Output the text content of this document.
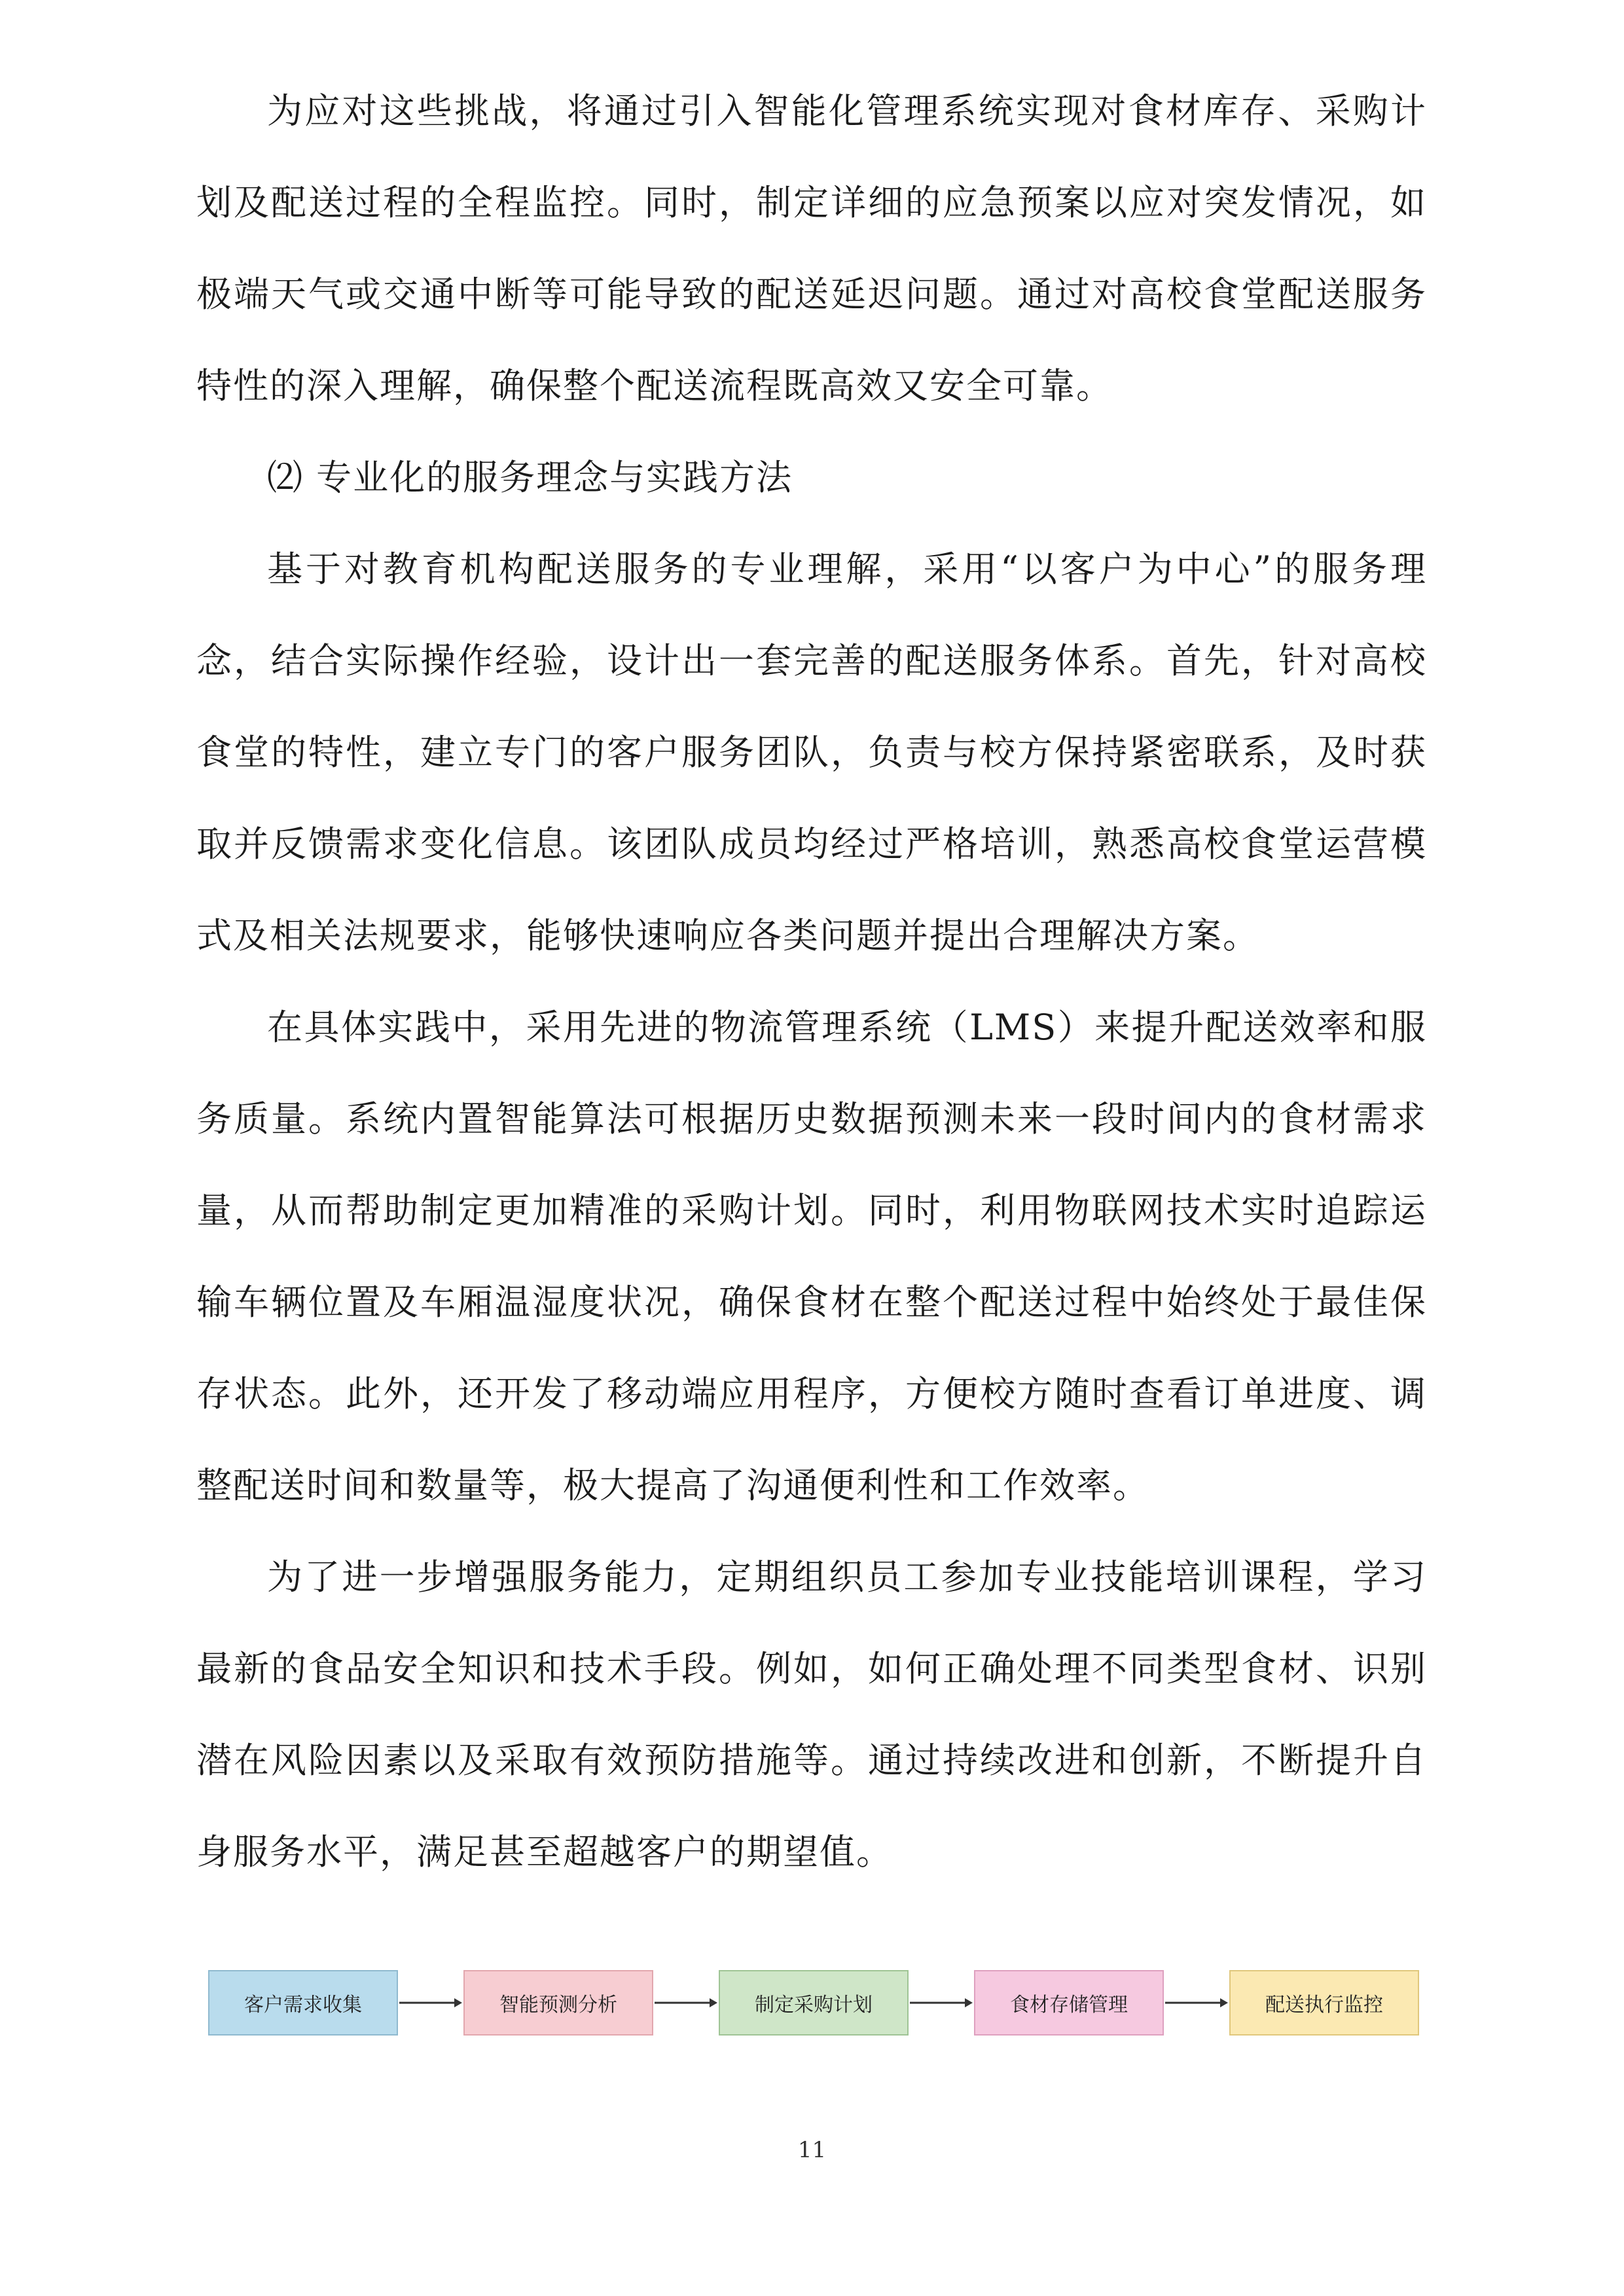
为应对这些挑战，将通过引入智能化管理系统实现对食材库存、采购计划及配送过程的全程监控。同时，制定详细的应急预案以应对突发情况，如极端天气或交通中断等可能导致的配送延迟问题。通过对高校食堂配送服务特性的深入理解，确保整个配送流程既高效又安全可靠。

⑵ 专业化的服务理念与实践方法

基于对教育机构配送服务的专业理解，采用“以客户为中心”的服务理念，结合实际操作经验，设计出一套完善的配送服务体系。首先，针对高校食堂的特性，建立专门的客户服务团队，负责与校方保持紧密联系，及时获取并反馈需求变化信息。该团队成员均经过严格培训，熟悉高校食堂运营模式及相关法规要求，能够快速响应各类问题并提出合理解决方案。

在具体实践中，采用先进的物流管理系统（LMS）来提升配送效率和服务质量。系统内置智能算法可根据历史数据预测未来一段时间内的食材需求量，从而帮助制定更加精准的采购计划。同时，利用物联网技术实时追踪运输车辆位置及车厢温湿度状况，确保食材在整个配送过程中始终处于最佳保存状态。此外，还开发了移动端应用程序，方便校方随时查看订单进度、调整配送时间和数量等，极大提高了沟通便利性和工作效率。

为了进一步增强服务能力，定期组织员工参加专业技能培训课程，学习最新的食品安全知识和技术手段。例如，如何正确处理不同类型食材、识别潜在风险因素以及采取有效预防措施等。通过持续改进和创新，不断提升自身服务水平，满足甚至超越客户的期望值。

客户需求收集	智能预测分析	制定采购计划	食材存储管理	配送执行监控
11
